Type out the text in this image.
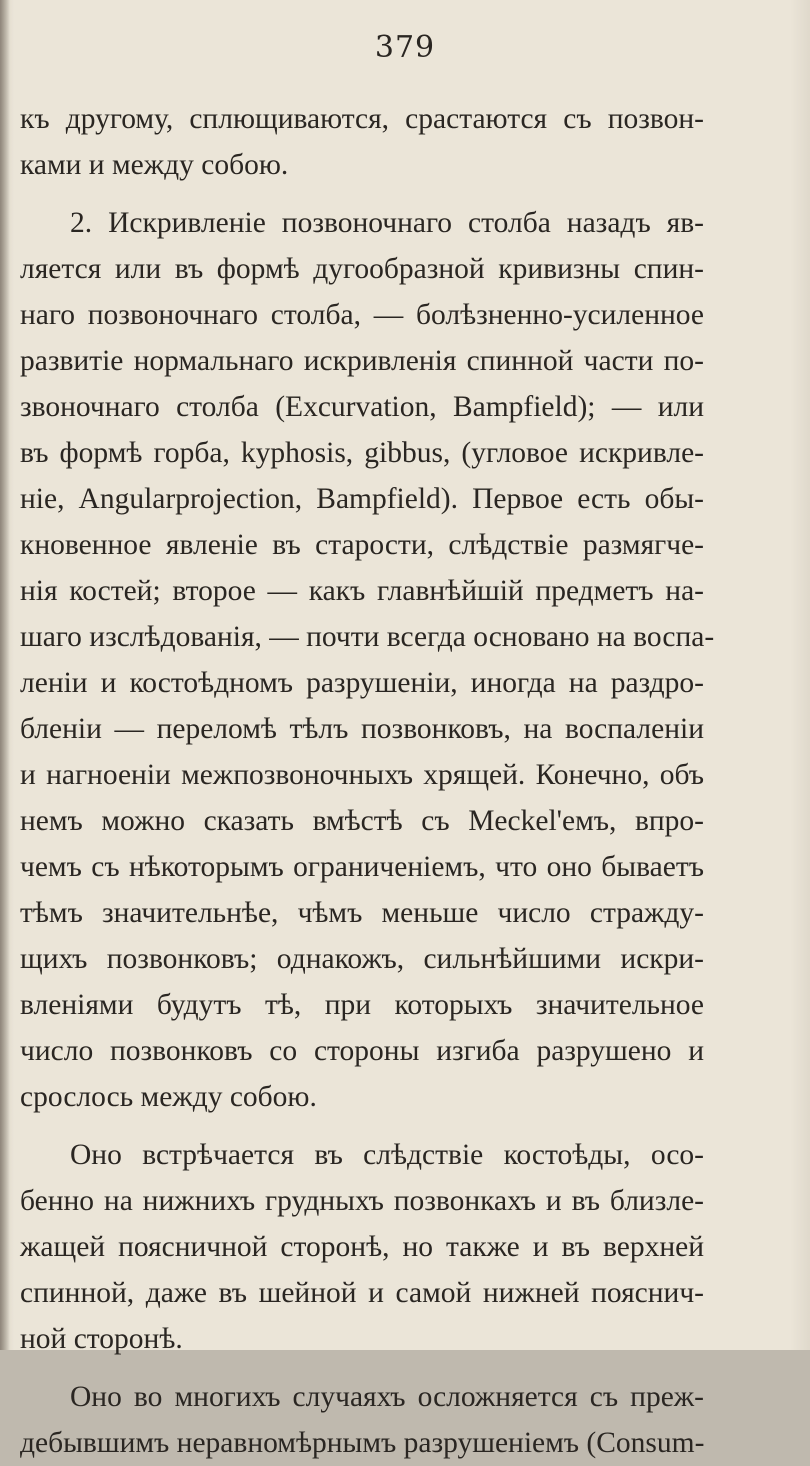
379
къ другому, сплющиваются, срастаются съ позвон-
ками и между собою.
2. Искривленіе позвоночнаго столба назадъ яв-
ляется или въ формѣ дугообразной кривизны спин-
наго позвоночнаго столба, — болѣзненно-усиленное
развитіе нормальнаго искривленія спинной части по-
звоночнаго столба (Excurvation, Bampfield); — или
въ формѣ горба, kyphosis, gibbus, (угловое искривле-
ніе, Angularprojection, Bampfield). Первое есть обы-
кновенное явленіе въ старости, слѣдствіе размягче-
нія костей; второе — какъ главнѣйшій предметъ на-
шаго изслѣдованія, — почти всегда основано на воспа-
леніи и костоѣдномъ разрушеніи, иногда на раздро-
бленіи — переломѣ тѣлъ позвонковъ, на воспаленіи
и нагноеніи межпозвоночныхъ хрящей. Конечно, объ
немъ можно сказать вмѣстѣ съ Meckel'емъ, впро-
чемъ съ нѣкоторымъ ограниченіемъ, что оно бываетъ
тѣмъ значительнѣе, чѣмъ меньше число стражду-
щихъ позвонковъ; однакожъ, сильнѣйшими искри-
вленіями будутъ тѣ, при которыхъ значительное
число позвонковъ со стороны изгиба разрушено и
срослось между собою.
Оно встрѣчается въ слѣдствіе костоѣды, осо-
бенно на нижнихъ грудныхъ позвонкахъ и въ близле-
жащей поясничной сторонѣ, но также и въ верхней
спинной, даже въ шейной и самой нижней пояснич-
ной сторонѣ.
Оно во многихъ случаяхъ осложняется съ преж-
дебывшимъ неравномѣрнымъ разрушеніемъ (Consum-
